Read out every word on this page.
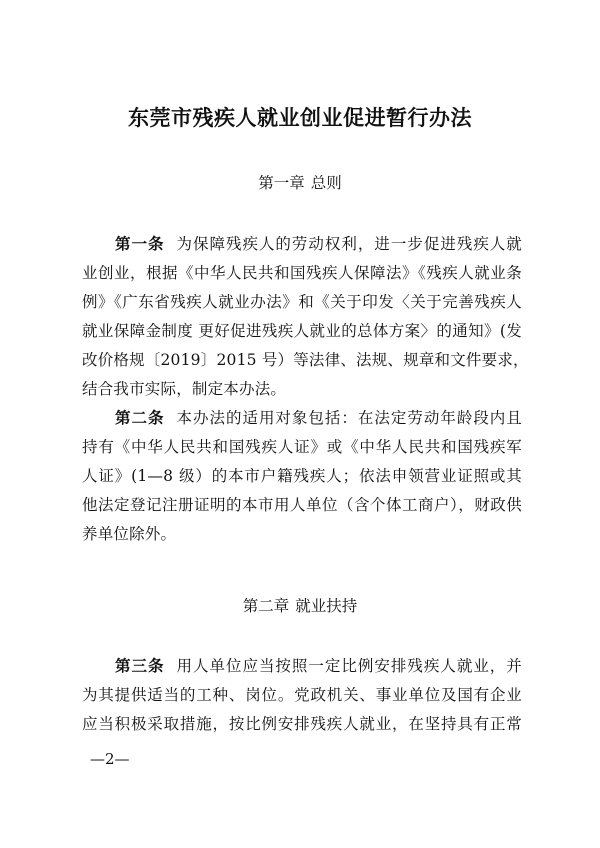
东莞市残疾人就业创业促进暂行办法
第一章 总则
第一条 为保障残疾人的劳动权利，进一步促进残疾人就
业创业，根据《中华人民共和国残疾人保障法》《残疾人就业条
例》《广东省残疾人就业办法》和《关于印发〈关于完善残疾人
就业保障金制度 更好促进残疾人就业的总体方案〉的通知》(发
改价格规〔2019〕2015 号）等法律、法规、规章和文件要求，
结合我市实际，制定本办法。
第二条 本办法的适用对象包括：在法定劳动年龄段内且
持有《中华人民共和国残疾人证》或《中华人民共和国残疾军
人证》(1—8 级）的本市户籍残疾人；依法申领营业证照或其
他法定登记注册证明的本市用人单位（含个体工商户），财政供
养单位除外。
第二章 就业扶持
第三条 用人单位应当按照一定比例安排残疾人就业，并
为其提供适当的工种、岗位。党政机关、事业单位及国有企业
应当积极采取措施，按比例安排残疾人就业，在坚持具有正常
—2—
